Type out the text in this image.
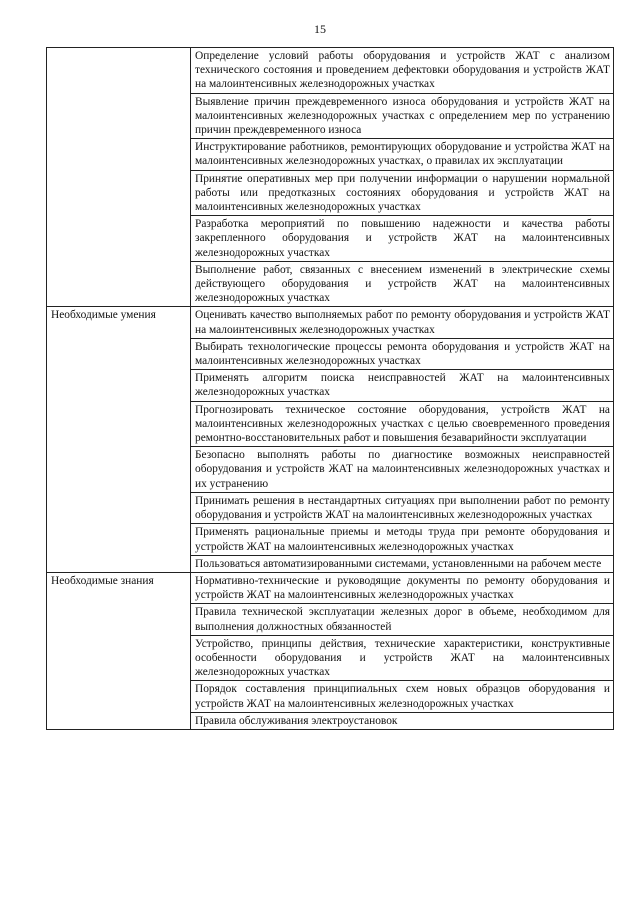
15
	Определение условий работы оборудования и устройств ЖАТ с анализом технического состояния и проведением дефектовки оборудования и устройств ЖАТ на малоинтенсивных железнодорожных участках
	Выявление причин преждевременного износа оборудования и устройств ЖАТ на малоинтенсивных железнодорожных участках с определением мер по устранению причин преждевременного износа
	Инструктирование работников, ремонтирующих оборудование и устройства ЖАТ на малоинтенсивных железнодорожных участках, о правилах их эксплуатации
	Принятие оперативных мер при получении информации о нарушении нормальной работы или предотказных состояниях оборудования и устройств ЖАТ на малоинтенсивных железнодорожных участках
	Разработка мероприятий по повышению надежности и качества работы закрепленного оборудования и устройств ЖАТ на малоинтенсивных железнодорожных участках
	Выполнение работ, связанных с внесением изменений в электрические схемы действующего оборудования и устройств ЖАТ на малоинтенсивных железнодорожных участках
Необходимые умения	Оценивать качество выполняемых работ по ремонту оборудования и устройств ЖАТ на малоинтенсивных железнодорожных участках
	Выбирать технологические процессы ремонта оборудования и устройств ЖАТ на малоинтенсивных железнодорожных участках
	Применять алгоритм поиска неисправностей ЖАТ на малоинтенсивных железнодорожных участках
	Прогнозировать техническое состояние оборудования, устройств ЖАТ на малоинтенсивных железнодорожных участках с целью своевременного проведения ремонтно-восстановительных работ и повышения безаварийности эксплуатации
	Безопасно выполнять работы по диагностике возможных неисправностей оборудования и устройств ЖАТ на малоинтенсивных железнодорожных участках и их устранению
	Принимать решения в нестандартных ситуациях при выполнении работ по ремонту оборудования и устройств ЖАТ на малоинтенсивных железнодорожных участках
	Применять рациональные приемы и методы труда при ремонте оборудования и устройств ЖАТ на малоинтенсивных железнодорожных участках
	Пользоваться автоматизированными системами, установленными на рабочем месте
Необходимые знания	Нормативно-технические и руководящие документы по ремонту оборудования и устройств ЖАТ на малоинтенсивных железнодорожных участках
	Правила технической эксплуатации железных дорог в объеме, необходимом для выполнения должностных обязанностей
	Устройство, принципы действия, технические характеристики, конструктивные особенности оборудования и устройств ЖАТ на малоинтенсивных железнодорожных участках
	Порядок составления принципиальных схем новых образцов оборудования и устройств ЖАТ на малоинтенсивных железнодорожных участках
	Правила обслуживания электроустановок
